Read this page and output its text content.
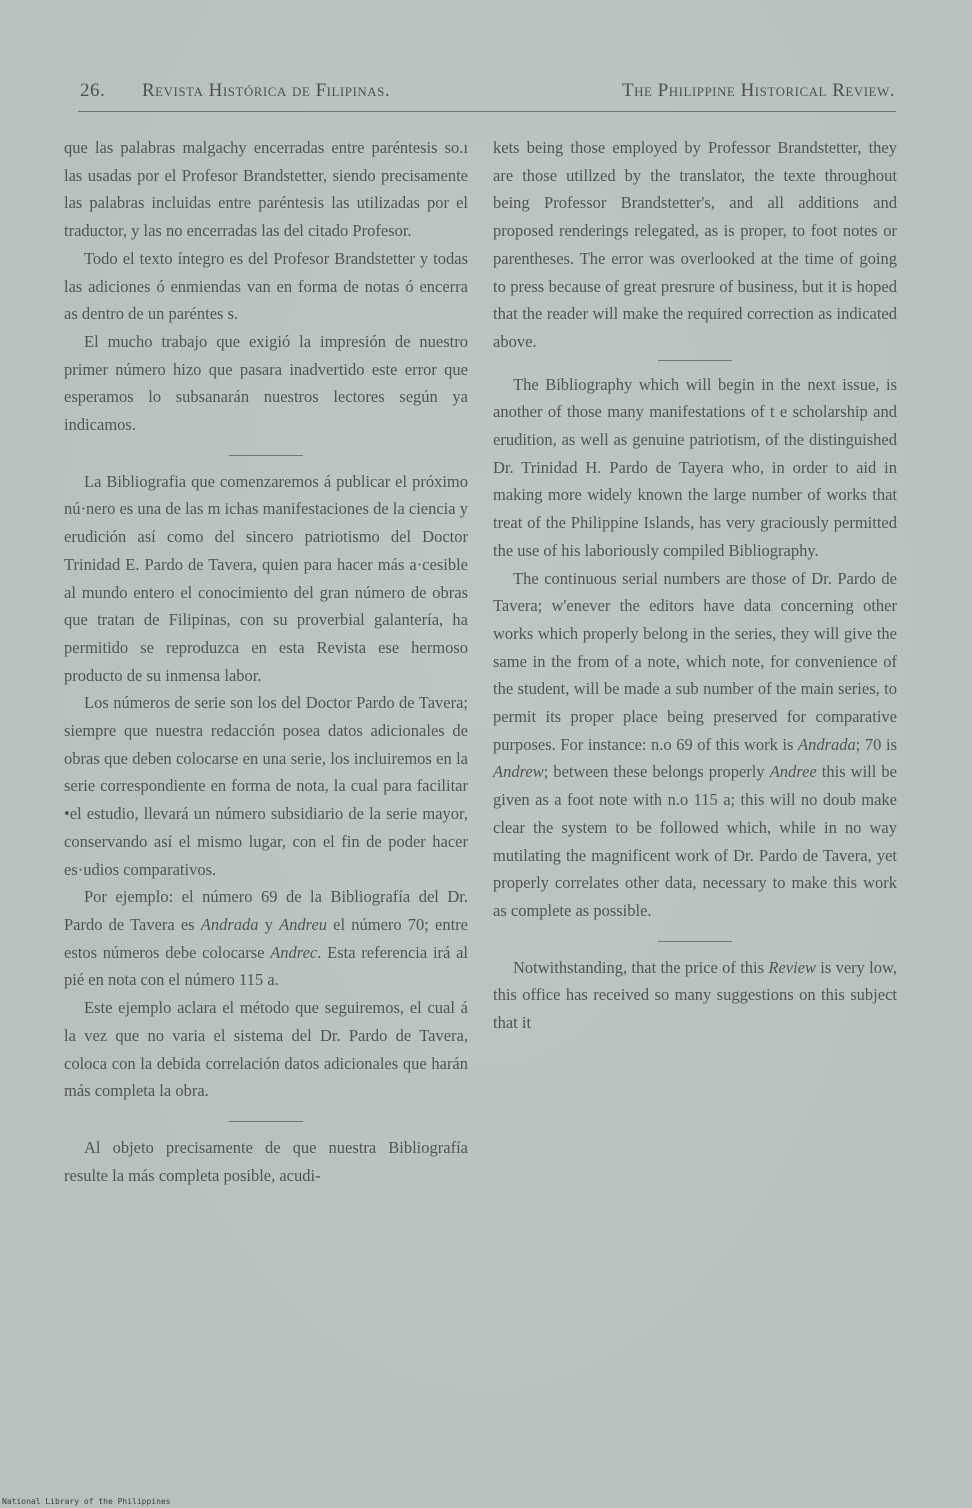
26. Revista Histórica de Filipinas.	The Philippine Historical Review.

que las palabras malgachy encerradas entre paréntesis so.ı las usadas por el Profesor Brandstetter, siendo precisamente las palabras incluidas entre paréntesis las utilizadas por el traductor, y las no encerradas las del citado Profesor.

Todo el texto íntegro es del Profesor Brandstetter y todas las adiciones ó enmiendas van en forma de notas ó encerra as dentro de un paréntes s.

El mucho trabajo que exigió la impresión de nuestro primer número hizo que pasara inadvertido este error que esperamos lo subsanarán nuestros lectores según ya indicamos.

La Bibliografia que comenzaremos á publicar el próximo nú·nero es una de las m ichas manifestaciones de la ciencia y erudición así como del sincero patriotismo del Doctor Trinidad E. Pardo de Tavera, quien para hacer más a·cesible al mundo entero el conocimiento del gran número de obras que tratan de Filipinas, con su proverbial galantería, ha permitido se reproduzca en esta Revista ese hermoso producto de su inmensa labor.

Los números de serie son los del Doctor Pardo de Tavera; siempre que nuestra redacción posea datos adicionales de obras que deben colocarse en una serie, los incluiremos en la serie correspondiente en forma de nota, la cual para facilitar •el estudio, llevará un número subsidiario de la serie mayor, conservando así el mismo lugar, con el fin de poder hacer es·udios comparativos.

Por ejemplo: el número 69 de la Bibliografía del Dr. Pardo de Tavera es Andrada y Andreu el número 70; entre estos números debe colocarse Andrec. Esta referencia irá al pié en nota con el número 115 a.

Este ejemplo aclara el método que seguiremos, el cual á la vez que no varia el sistema del Dr. Pardo de Tavera, coloca con la debida correlación datos adicionales que harán más completa la obra.

Al objeto precisamente de que nuestra Bibliografía resulte la más completa posible, acudi-

kets being those employed by Professor Brandstetter, they are those utillzed by the translator, the texte throughout being Professor Brandstetter's, and all additions and proposed renderings relegated, as is proper, to foot notes or parentheses. The error was overlooked at the time of going to press because of great presrure of business, but it is hoped that the reader will make the required correction as indicated above.

The Bibliography which will begin in the next issue, is another of those many manifestations of t e scholarship and erudition, as well as genuine patriotism, of the distinguished Dr. Trinidad H. Pardo de Tayera who, in order to aid in making more widely known the large number of works that treat of the Philippine Islands, has very graciously permitted the use of his laboriously compiled Bibliography.

The continuous serial numbers are those of Dr. Pardo de Tavera; w'enever the editors have data concerning other works which properly belong in the series, they will give the same in the from of a note, which note, for convenience of the student, will be made a sub number of the main series, to permit its proper place being preserved for comparative purposes. For instance: n.o 69 of this work is Andrada; 70 is Andrew; between these belongs properly Andree this will be given as a foot note with n.o 115 a; this will no doub make clear the system to be followed which, while in no way mutilating the magnificent work of Dr. Pardo de Tavera, yet properly correlates other data, necessary to make this work as complete as possible.

Notwithstanding, that the price of this Review is very low, this office has received so many suggestions on this subject that it

National Library of the Philippines
